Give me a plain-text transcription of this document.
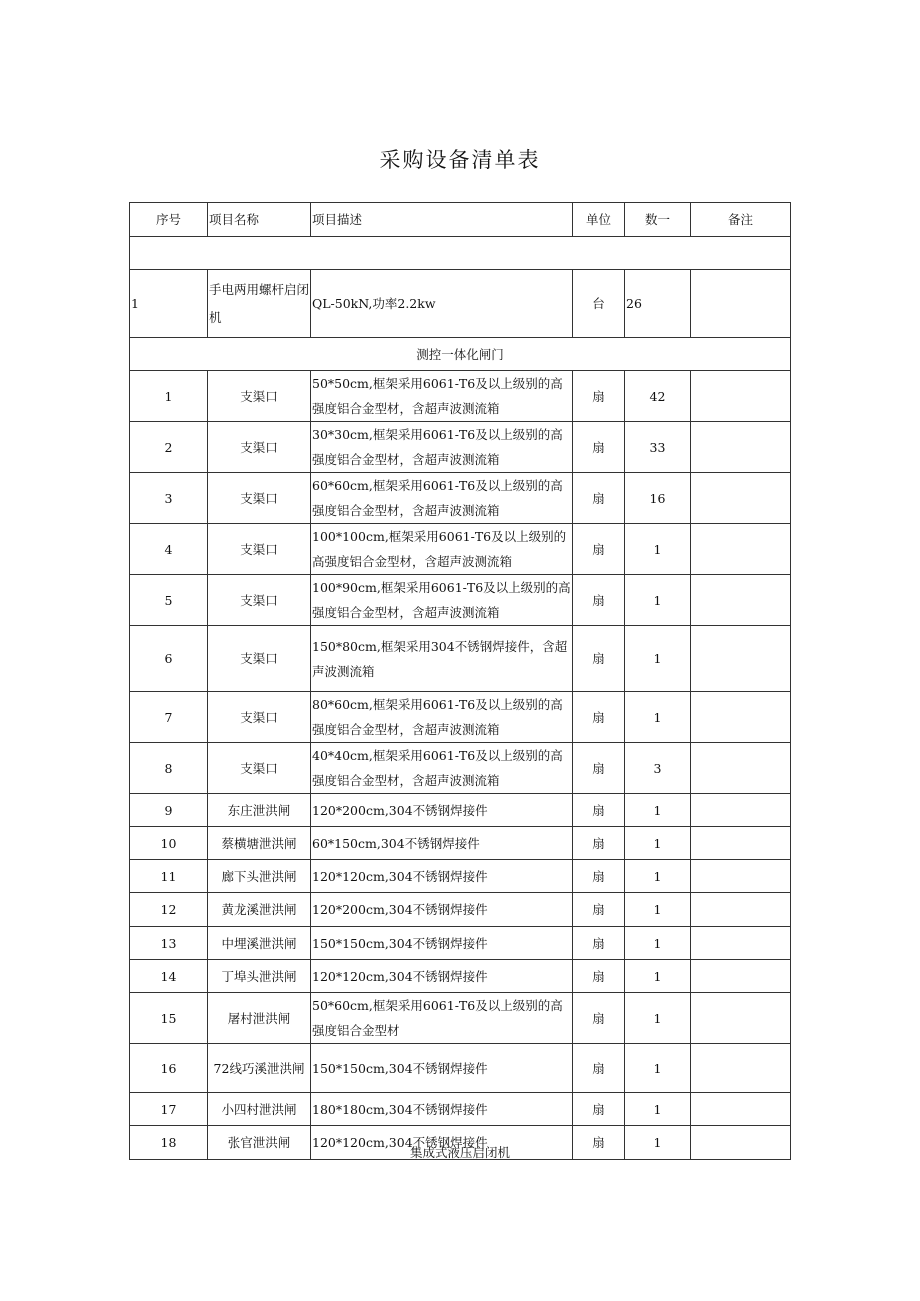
采购设备清单表
序号	项目名称	项目描述	单位	数一	备注

1	手电两用螺杆启闭机	QL-50kN,功率2.2kw	台	26	
测控一体化闸门					
1	支渠口	50*50cm,框架采用6061-T6及以上级别的高强度铝合金型材，含超声波测流箱	扇	42	
2	支渠口	30*30cm,框架采用6061-T6及以上级别的高强度铝合金型材，含超声波测流箱	扇	33	
3	支渠口	60*60cm,框架采用6061-T6及以上级别的高强度铝合金型材，含超声波测流箱	扇	16	
4	支渠口	100*100cm,框架采用6061-T6及以上级别的高强度铝合金型材，含超声波测流箱	扇	1	
5	支渠口	100*90cm,框架采用6061-T6及以上级别的高强度铝合金型材，含超声波测流箱	扇	1	
6	支渠口	150*80cm,框架采用304不锈钢焊接件，含超声波测流箱	扇	1	
7	支渠口	80*60cm,框架采用6061-T6及以上级别的高强度铝合金型材，含超声波测流箱	扇	1	
8	支渠口	40*40cm,框架采用6061-T6及以上级别的高强度铝合金型材，含超声波测流箱	扇	3	
9	东庄泄洪闸	120*200cm,304不锈钢焊接件	扇	1	
10	蔡横塘泄洪闸	60*150cm,304不锈钢焊接件	扇	1	
11	廊下头泄洪闸	120*120cm,304不锈钢焊接件	扇	1	
12	黄龙溪泄洪闸	120*200cm,304不锈钢焊接件	扇	1	
13	中埋溪泄洪闸	150*150cm,304不锈钢焊接件	扇	1	
14	丁埠头泄洪闸	120*120cm,304不锈钢焊接件	扇	1	
15	屠村泄洪闸	50*60cm,框架采用6061-T6及以上级别的高强度铝合金型材	扇	1	
16	72线巧溪泄洪闸	150*150cm,304不锈钢焊接件	扇	1	
17	小四村泄洪闸	180*180cm,304不锈钢焊接件	扇	1	
18	张官泄洪闸	120*120cm,304不锈钢焊接件	扇	1	
集成式液压启闭机
